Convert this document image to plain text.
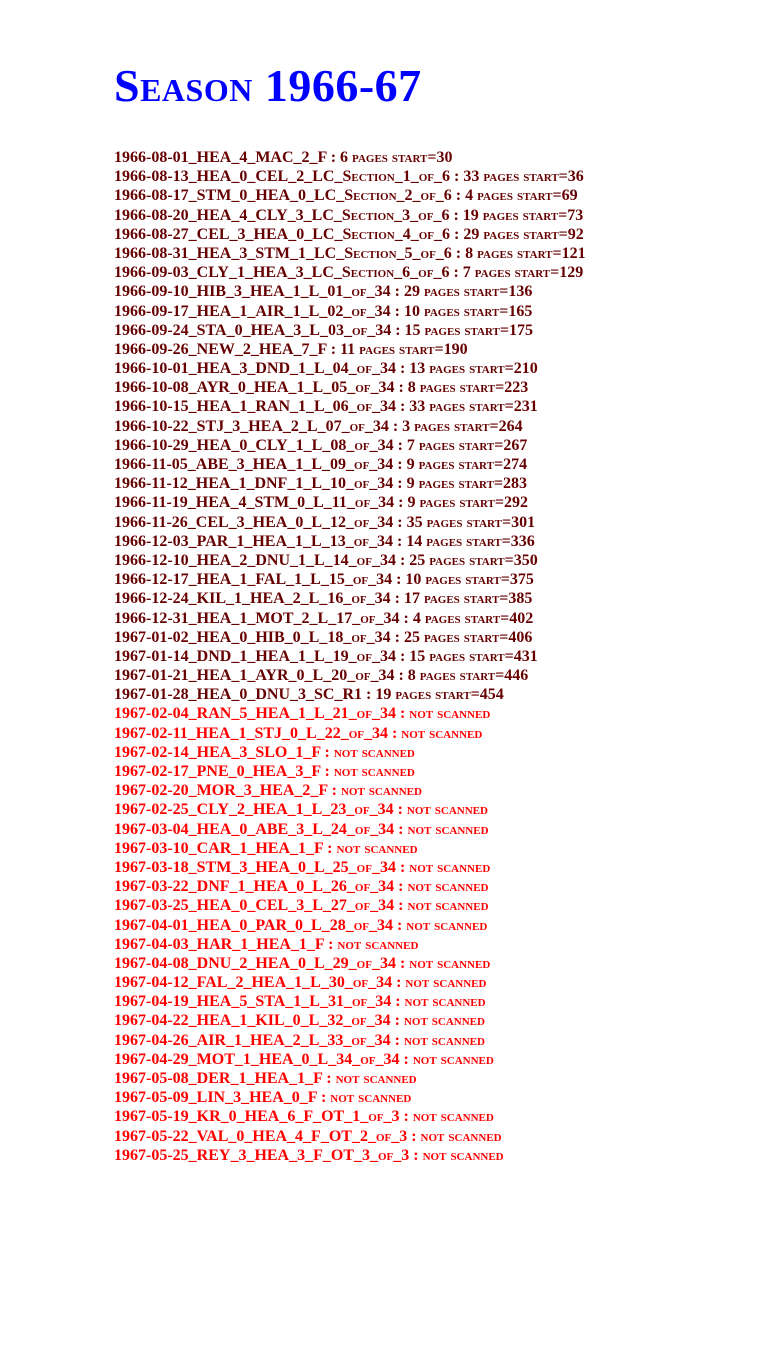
Season 1966-67
1966-08-01_HEA_4_MAC_2_F : 6 pages start=30
1966-08-13_HEA_0_CEL_2_LC_Section_1_of_6 : 33 pages start=36
1966-08-17_STM_0_HEA_0_LC_Section_2_of_6 : 4 pages start=69
1966-08-20_HEA_4_CLY_3_LC_Section_3_of_6 : 19 pages start=73
1966-08-27_CEL_3_HEA_0_LC_Section_4_of_6 : 29 pages start=92
1966-08-31_HEA_3_STM_1_LC_Section_5_of_6 : 8 pages start=121
1966-09-03_CLY_1_HEA_3_LC_Section_6_of_6 : 7 pages start=129
1966-09-10_HIB_3_HEA_1_L_01_of_34 : 29 pages start=136
1966-09-17_HEA_1_AIR_1_L_02_of_34 : 10 pages start=165
1966-09-24_STA_0_HEA_3_L_03_of_34 : 15 pages start=175
1966-09-26_NEW_2_HEA_7_F : 11 pages start=190
1966-10-01_HEA_3_DND_1_L_04_of_34 : 13 pages start=210
1966-10-08_AYR_0_HEA_1_L_05_of_34 : 8 pages start=223
1966-10-15_HEA_1_RAN_1_L_06_of_34 : 33 pages start=231
1966-10-22_STJ_3_HEA_2_L_07_of_34 : 3 pages start=264
1966-10-29_HEA_0_CLY_1_L_08_of_34 : 7 pages start=267
1966-11-05_ABE_3_HEA_1_L_09_of_34 : 9 pages start=274
1966-11-12_HEA_1_DNF_1_L_10_of_34 : 9 pages start=283
1966-11-19_HEA_4_STM_0_L_11_of_34 : 9 pages start=292
1966-11-26_CEL_3_HEA_0_L_12_of_34 : 35 pages start=301
1966-12-03_PAR_1_HEA_1_L_13_of_34 : 14 pages start=336
1966-12-10_HEA_2_DNU_1_L_14_of_34 : 25 pages start=350
1966-12-17_HEA_1_FAL_1_L_15_of_34 : 10 pages start=375
1966-12-24_KIL_1_HEA_2_L_16_of_34 : 17 pages start=385
1966-12-31_HEA_1_MOT_2_L_17_of_34 : 4 pages start=402
1967-01-02_HEA_0_HIB_0_L_18_of_34 : 25 pages start=406
1967-01-14_DND_1_HEA_1_L_19_of_34 : 15 pages start=431
1967-01-21_HEA_1_AYR_0_L_20_of_34 : 8 pages start=446
1967-01-28_HEA_0_DNU_3_SC_R1 : 19 pages start=454
1967-02-04_RAN_5_HEA_1_L_21_of_34 : not scanned
1967-02-11_HEA_1_STJ_0_L_22_of_34 : not scanned
1967-02-14_HEA_3_SLO_1_F : not scanned
1967-02-17_PNE_0_HEA_3_F : not scanned
1967-02-20_MOR_3_HEA_2_F : not scanned
1967-02-25_CLY_2_HEA_1_L_23_of_34 : not scanned
1967-03-04_HEA_0_ABE_3_L_24_of_34 : not scanned
1967-03-10_CAR_1_HEA_1_F : not scanned
1967-03-18_STM_3_HEA_0_L_25_of_34 : not scanned
1967-03-22_DNF_1_HEA_0_L_26_of_34 : not scanned
1967-03-25_HEA_0_CEL_3_L_27_of_34 : not scanned
1967-04-01_HEA_0_PAR_0_L_28_of_34 : not scanned
1967-04-03_HAR_1_HEA_1_F : not scanned
1967-04-08_DNU_2_HEA_0_L_29_of_34 : not scanned
1967-04-12_FAL_2_HEA_1_L_30_of_34 : not scanned
1967-04-19_HEA_5_STA_1_L_31_of_34 : not scanned
1967-04-22_HEA_1_KIL_0_L_32_of_34 : not scanned
1967-04-26_AIR_1_HEA_2_L_33_of_34 : not scanned
1967-04-29_MOT_1_HEA_0_L_34_of_34 : not scanned
1967-05-08_DER_1_HEA_1_F : not scanned
1967-05-09_LIN_3_HEA_0_F : not scanned
1967-05-19_KR_0_HEA_6_F_OT_1_of_3 : not scanned
1967-05-22_VAL_0_HEA_4_F_OT_2_of_3 : not scanned
1967-05-25_REY_3_HEA_3_F_OT_3_of_3 : not scanned
